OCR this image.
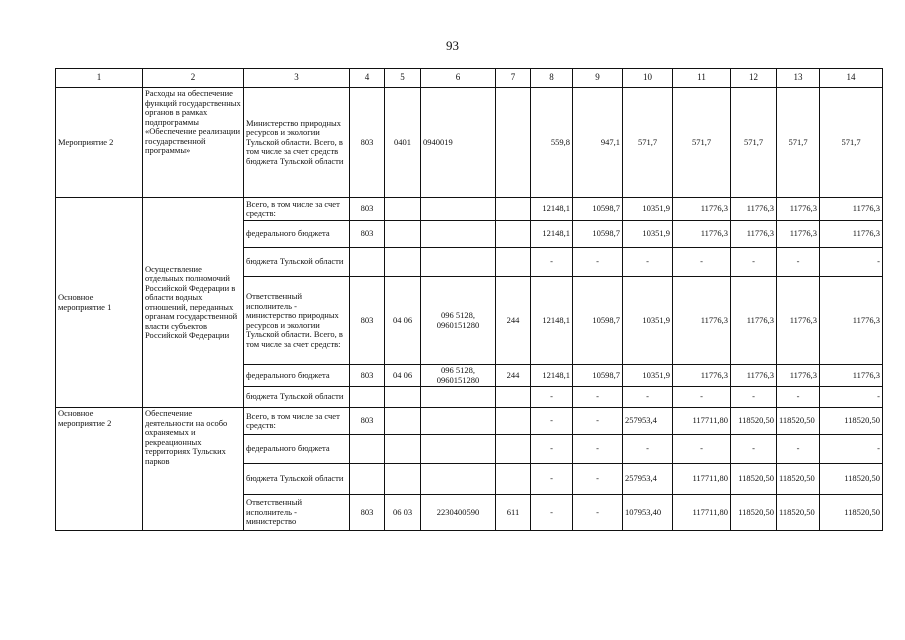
93
1	2	3	4	5	6	7	8	9	10	11	12	13	14
Мероприятие 2	Расходы на обеспечение функций государственных органов в рамках подпрограммы «Обеспечение реализации государственной программы»	Министерство природных ресурсов и экологии Тульской области. Всего, в том числе за счет средств бюджета Тульской области	803	0401	0940019		559,8	947,1	571,7	571,7	571,7	571,7	571,7
Основное мероприятие 1	Осуществление отдельных полномочий Российской Федерации в области водных отношений, переданных органам государственной власти субъектов Российской Федерации	Всего, в том числе за счет средств:	803				12148,1	10598,7	10351,9	11776,3	11776,3	11776,3	11776,3
		федерального бюджета	803				12148,1	10598,7	10351,9	11776,3	11776,3	11776,3	11776,3
		бюджета Тульской области					-	-	-	-	-	-	-
		Ответственный исполнитель - министерство природных ресурсов и экологии Тульской области. Всего, в том числе за счет средств:	803	04 06	096 5128, 0960151280	244	12148,1	10598,7	10351,9	11776,3	11776,3	11776,3	11776,3
		федерального бюджета	803	04 06	096 5128, 0960151280	244	12148,1	10598,7	10351,9	11776,3	11776,3	11776,3	11776,3
		бюджета Тульской области					-	-	-	-	-	-	-
Основное мероприятие 2	Обеспечение деятельности на особо охраняемых и рекреационных территориях Тульских парков	Всего, в том числе за счет средств:	803				-	-	257953,4	117711,80	118520,50	118520,50	118520,50
		федерального бюджета					-	-	-	-	-	-	-
		бюджета Тульской области					-	-	257953,4	117711,80	118520,50	118520,50	118520,50
		Ответственный исполнитель - министерство	803	06 03	2230400590	611	-	-	107953,40	117711,80	118520,50	118520,50	118520,50
